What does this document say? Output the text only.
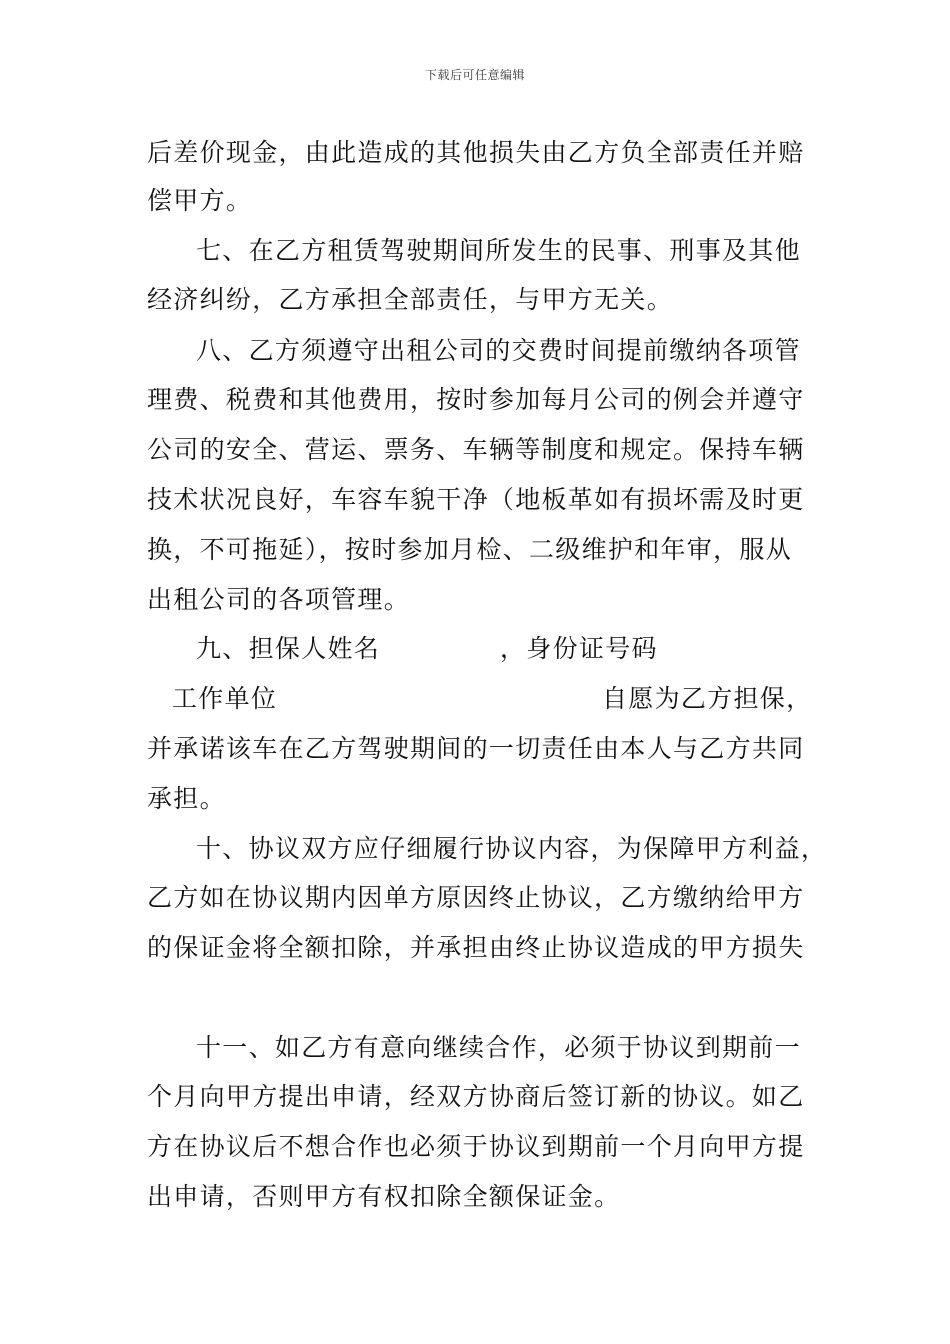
下载后可任意编辑
后差价现金，由此造成的其他损失由乙方负全部责任并赔
偿甲方。
七、在乙方租赁驾驶期间所发生的民事、刑事及其他
经济纠纷，乙方承担全部责任，与甲方无关。
八、乙方须遵守出租公司的交费时间提前缴纳各项管
理费、税费和其他费用，按时参加每月公司的例会并遵守
公司的安全、营运、票务、车辆等制度和规定。保持车辆
技术状况良好，车容车貌干净（地板革如有损坏需及时更
换，不可拖延），按时参加月检、二级维护和年审，服从
出租公司的各项管理。
九、担保人姓名	，身份证号码
工作单位	自愿为乙方担保，
并承诺该车在乙方驾驶期间的一切责任由本人与乙方共同
承担。
十、协议双方应仔细履行协议内容，为保障甲方利益，
乙方如在协议期内因单方原因终止协议，乙方缴纳给甲方
的保证金将全额扣除，并承担由终止协议造成的甲方损失
十一、如乙方有意向继续合作，必须于协议到期前一
个月向甲方提出申请，经双方协商后签订新的协议。如乙
方在协议后不想合作也必须于协议到期前一个月向甲方提
出申请，否则甲方有权扣除全额保证金。
